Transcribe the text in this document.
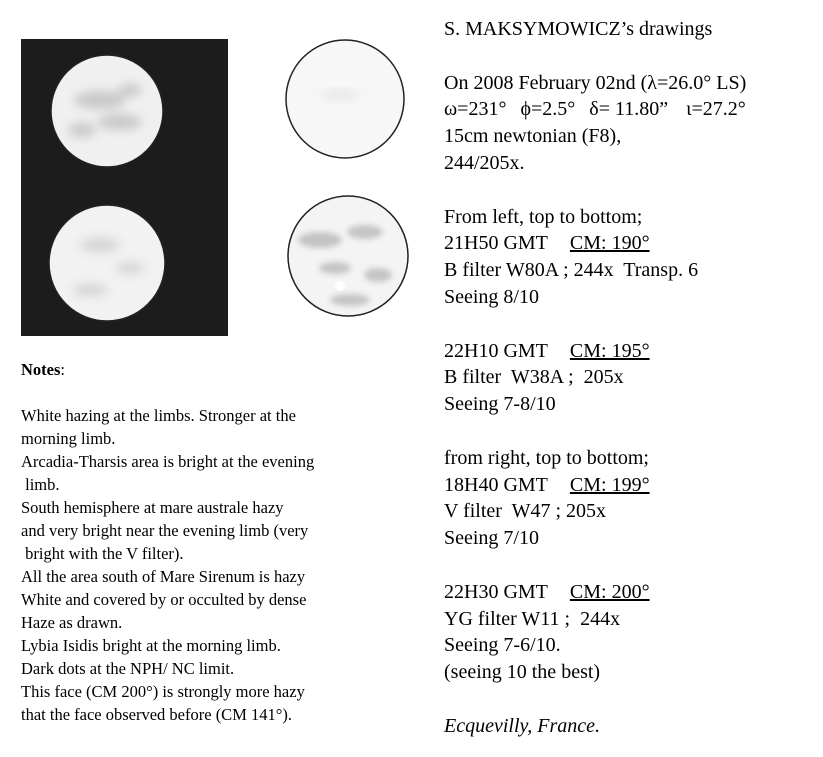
Notes:
White hazing at the limbs. Stronger at the
morning limb.
Arcadia-Tharsis area is bright at the evening
limb.
South hemisphere at mare australe hazy
and very bright near the evening limb (very
bright with the V filter).
All the area south of Mare Sirenum is hazy
White and covered by or occulted by dense
Haze as drawn.
Lybia Isidis bright at the morning limb.
Dark dots at the NPH/ NC limit.
This face (CM 200°) is strongly more hazy
that the face observed before (CM 141°).
S. MAKSYMOWICZ’s drawings
On 2008 February 02nd (λ=26.0° LS)
ω=231° ϕ=2.5° δ= 11.80” ι=27.2°
15cm newtonian (F8),
244/205x.
From left, top to bottom;
21H50 GMT CM: 190°
B filter W80A ; 244x  Transp. 6
Seeing 8/10
22H10 GMT CM: 195°
B filter  W38A ;  205x
Seeing 7-8/10
from right, top to bottom;
18H40 GMT CM: 199°
V filter  W47 ; 205x
Seeing 7/10
22H30 GMT CM: 200°
YG filter W11 ;  244x
Seeing 7-6/10.
(seeing 10 the best)
Ecquevilly, France.
